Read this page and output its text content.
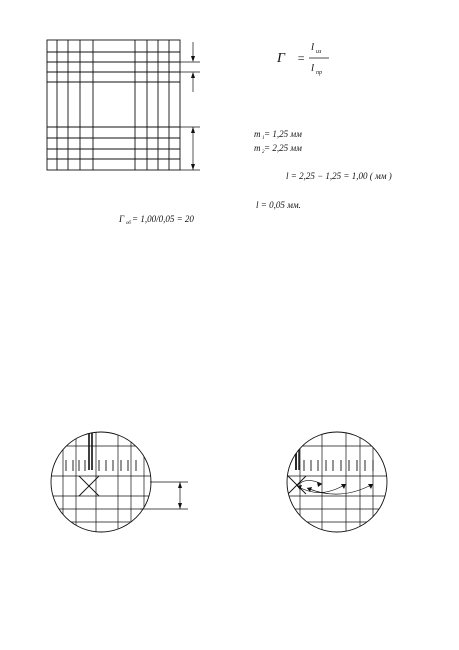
Γ =
l из
l пр
m 1 = 1,25 мм
m 2 = 2,25 мм
l = 2,25 − 1,25 = 1,00 ( мм )
l = 0,05 мм.
Γ об = 1,00/0,05 = 20
